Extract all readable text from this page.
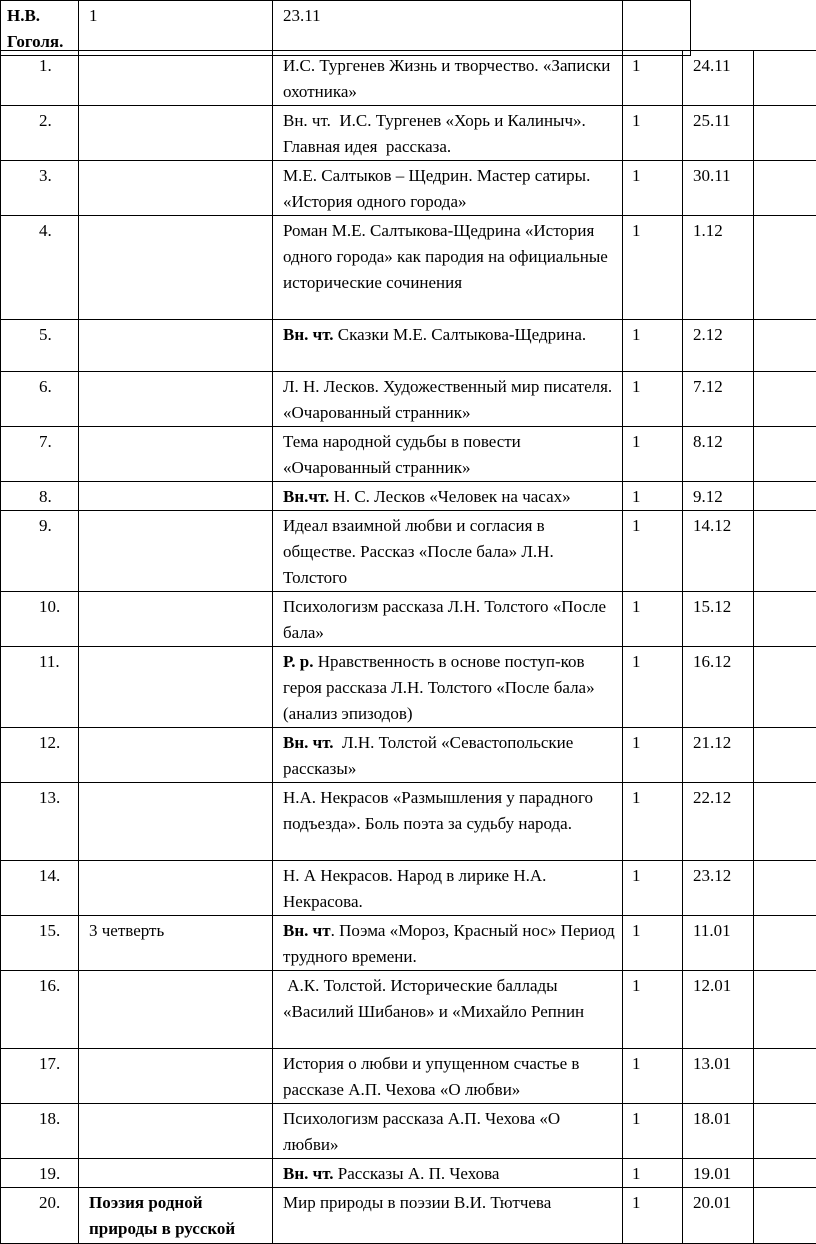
Н.В. Гоголя.	1	23.11	
1.		И.С. Тургенев Жизнь и творчество. «Записки охотника»	1	24.11	
2.		Вн. чт.  И.С. Тургенев «Хорь и Калиныч». Главная идея  рассказа.	1	25.11	
3.		М.Е. Салтыков – Щедрин. Мастер сатиры. «История одного города»	1	30.11	
4.		Роман М.Е. Салтыкова-Щедрина «История одного города» как пародия на официальные исторические сочинения	1	1.12	
5.		Вн. чт. Сказки М.Е. Салтыкова-Щедрина.	1	2.12	
6.		Л. Н. Лесков. Художественный мир писателя. «Очарованный странник»	1	7.12	
7.		Тема народной судьбы в повести «Очарованный странник»	1	8.12	
8.		Вн.чт. Н. С. Лесков «Человек на часах»	1	9.12	
9.		Идеал взаимной любви и согласия в обществе. Рассказ «После бала» Л.Н. Толстого	1	14.12	
10.		Психологизм рассказа Л.Н. Толстого «После бала»	1	15.12	
11.		Р. р. Нравственность в основе поступ-ков героя рассказа Л.Н. Толстого «После бала» (анализ эпизодов)	1	16.12	
12.		Вн. чт.  Л.Н. Толстой «Севастопольские рассказы»	1	21.12	
13.		Н.А. Некрасов «Размышления у парадного подъезда». Боль поэта за судьбу народа.	1	22.12	
14.		Н. А Некрасов. Народ в лирике Н.А. Некрасова.	1	23.12	
15.	3 четверть	Вн. чт. Поэма «Мороз, Красный нос» Период трудного времени.	1	11.01	
16.		А.К. Толстой. Исторические баллады «Василий Шибанов» и «Михайло Репнин	1	12.01	
17.		История о любви и упущенном счастье в рассказе А.П. Чехова «О любви»	1	13.01	
18.		Психологизм рассказа А.П. Чехова «О любви»	1	18.01	
19.		Вн. чт. Рассказы А. П. Чехова	1	19.01	
20.	Поэзия родной природы в русской	Мир природы в поэзии В.И. Тютчева	1	20.01	
